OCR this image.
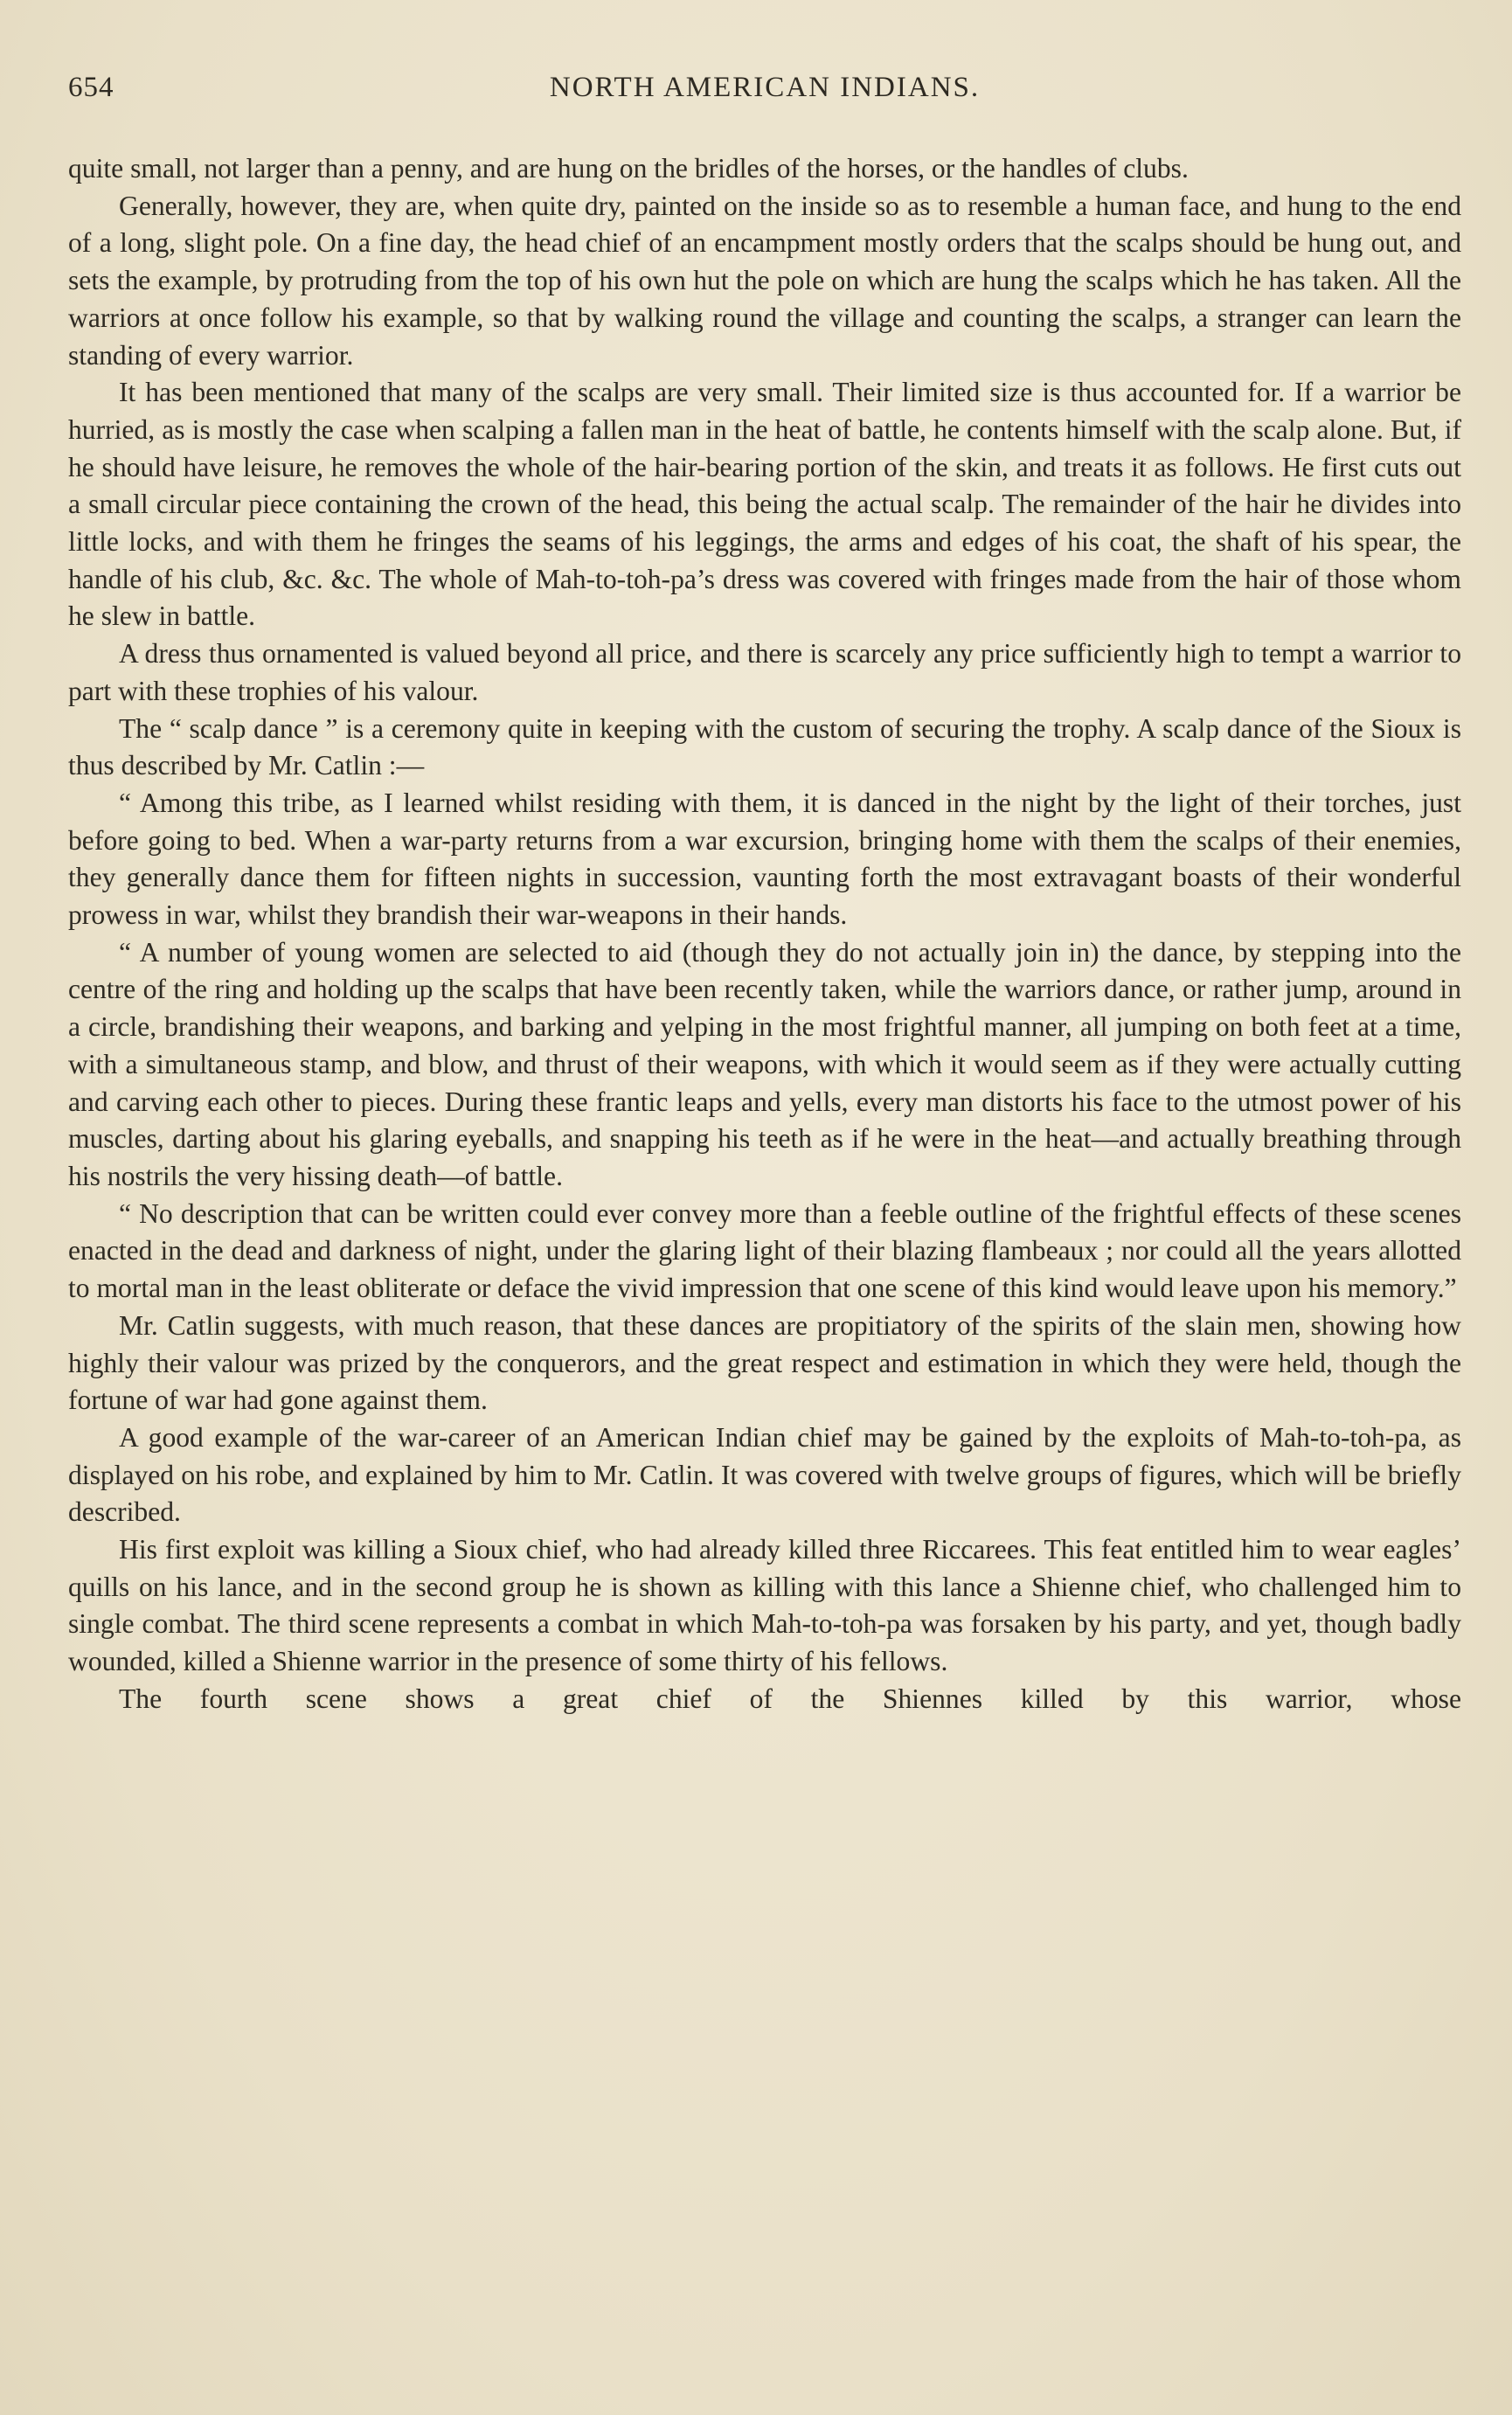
654	NORTH AMERICAN INDIANS.

quite small, not larger than a penny, and are hung on the bridles of the horses, or the handles of clubs.

Generally, however, they are, when quite dry, painted on the inside so as to resemble a human face, and hung to the end of a long, slight pole. On a fine day, the head chief of an encampment mostly orders that the scalps should be hung out, and sets the example, by protruding from the top of his own hut the pole on which are hung the scalps which he has taken. All the warriors at once follow his example, so that by walking round the village and counting the scalps, a stranger can learn the standing of every warrior.

It has been mentioned that many of the scalps are very small. Their limited size is thus accounted for. If a warrior be hurried, as is mostly the case when scalping a fallen man in the heat of battle, he contents himself with the scalp alone. But, if he should have leisure, he removes the whole of the hair-bearing portion of the skin, and treats it as follows. He first cuts out a small circular piece containing the crown of the head, this being the actual scalp. The remainder of the hair he divides into little locks, and with them he fringes the seams of his leggings, the arms and edges of his coat, the shaft of his spear, the handle of his club, &c. &c. The whole of Mah-to-toh-pa’s dress was covered with fringes made from the hair of those whom he slew in battle.

A dress thus ornamented is valued beyond all price, and there is scarcely any price sufficiently high to tempt a warrior to part with these trophies of his valour.

The “ scalp dance ” is a ceremony quite in keeping with the custom of securing the trophy. A scalp dance of the Sioux is thus described by Mr. Catlin :—

“ Among this tribe, as I learned whilst residing with them, it is danced in the night by the light of their torches, just before going to bed. When a war-party returns from a war excursion, bringing home with them the scalps of their enemies, they generally dance them for fifteen nights in succession, vaunting forth the most extravagant boasts of their wonderful prowess in war, whilst they brandish their war-weapons in their hands.

“ A number of young women are selected to aid (though they do not actually join in) the dance, by stepping into the centre of the ring and holding up the scalps that have been recently taken, while the warriors dance, or rather jump, around in a circle, brandishing their weapons, and barking and yelping in the most frightful manner, all jumping on both feet at a time, with a simultaneous stamp, and blow, and thrust of their weapons, with which it would seem as if they were actually cutting and carving each other to pieces. During these frantic leaps and yells, every man distorts his face to the utmost power of his muscles, darting about his glaring eyeballs, and snapping his teeth as if he were in the heat—and actually breathing through his nostrils the very hissing death—of battle.

“ No description that can be written could ever convey more than a feeble outline of the frightful effects of these scenes enacted in the dead and darkness of night, under the glaring light of their blazing flambeaux ; nor could all the years allotted to mortal man in the least obliterate or deface the vivid impression that one scene of this kind would leave upon his memory.”

Mr. Catlin suggests, with much reason, that these dances are propitiatory of the spirits of the slain men, showing how highly their valour was prized by the conquerors, and the great respect and estimation in which they were held, though the fortune of war had gone against them.

A good example of the war-career of an American Indian chief may be gained by the exploits of Mah-to-toh-pa, as displayed on his robe, and explained by him to Mr. Catlin. It was covered with twelve groups of figures, which will be briefly described.

His first exploit was killing a Sioux chief, who had already killed three Riccarees. This feat entitled him to wear eagles’ quills on his lance, and in the second group he is shown as killing with this lance a Shienne chief, who challenged him to single combat. The third scene represents a combat in which Mah-to-toh-pa was forsaken by his party, and yet, though badly wounded, killed a Shienne warrior in the presence of some thirty of his fellows.

The fourth scene shows a great chief of the Shiennes killed by this warrior, whose
